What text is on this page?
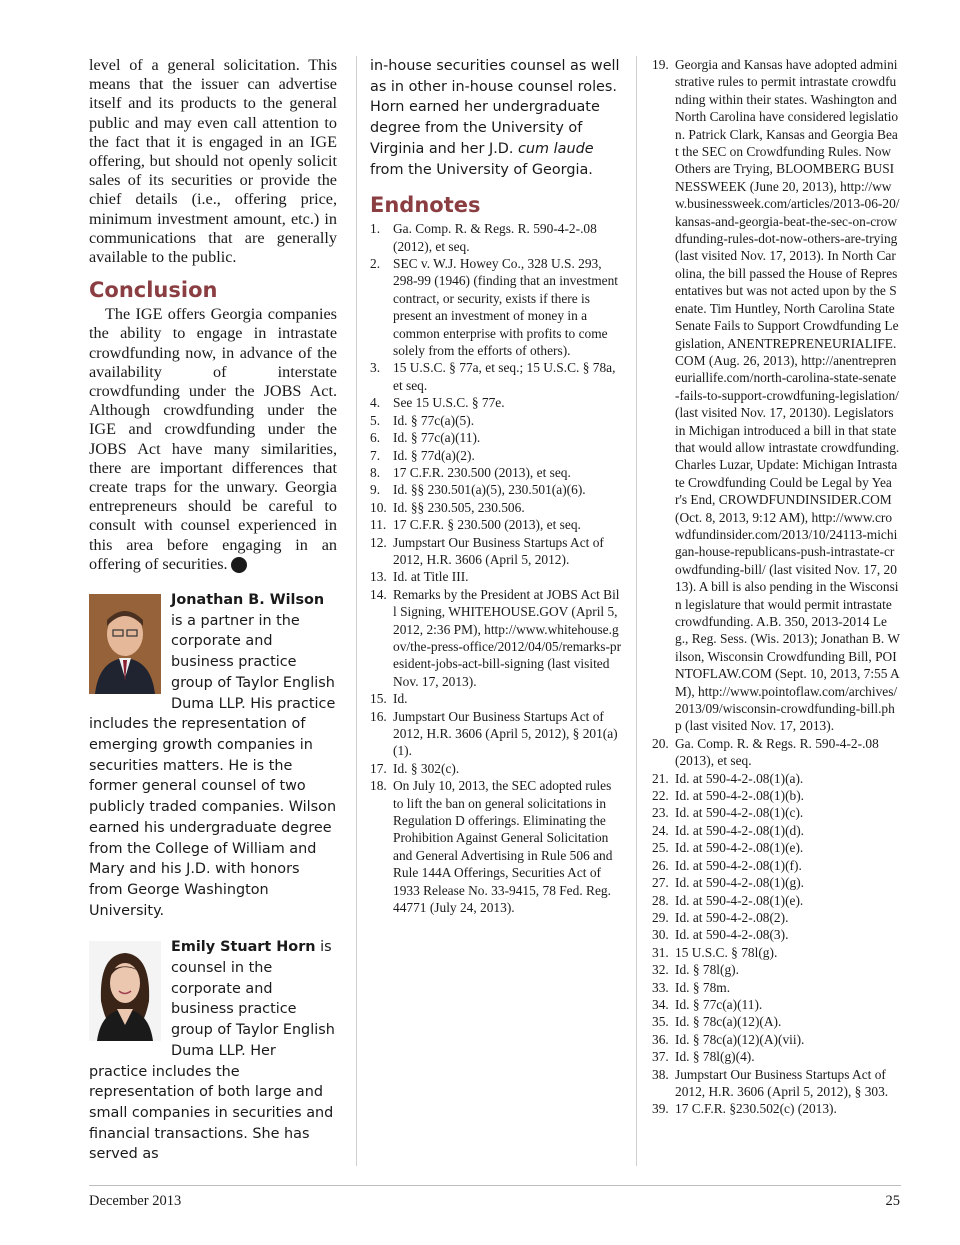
level of a general solicitation. This means that the issuer can advertise itself and its products to the general public and may even call attention to the fact that it is engaged in an IGE offering, but should not openly solicit sales of its securities or provide the chief details (i.e., offering price, minimum investment amount, etc.) in communications that are generally available to the public.

Conclusion

The IGE offers Georgia companies the ability to engage in intrastate crowdfunding now, in advance of the availability of interstate crowdfunding under the JOBS Act. Although crowdfunding under the IGE and crowdfunding under the JOBS Act have many similarities, there are important differences that create traps for the unwary. Georgia entrepreneurs should be careful to consult with counsel experienced in this area before engaging in an offering of securities.	GBJ

Jonathan B. Wilson is a partner in the corporate and business practice group of Taylor English Duma LLP. His practice includes the representation of emerging growth companies in securities matters. He is the former general counsel of two publicly traded companies. Wilson earned his undergraduate degree from the College of William and Mary and his J.D. with honors from George Washington University.
Emily Stuart Horn is counsel in the corporate and business practice group of Taylor English Duma LLP. Her practice includes the representation of both large and small companies in securities and financial transactions. She has served as

in-house securities counsel as well as in other in-house counsel roles. Horn earned her undergraduate degree from the University of Virginia and her J.D. cum laude from the University of Georgia.

Endnotes
1. Ga. Comp. R. & Regs. R. 590-4-2-.08 (2012), et seq.
2. SEC v. W.J. Howey Co., 328 U.S. 293, 298-99 (1946) (finding that an investment contract, or security, exists if there is present an investment of money in a common enterprise with profits to come solely from the efforts of others).
3. 15 U.S.C. § 77a, et seq.; 15 U.S.C. § 78a, et seq.
4. See 15 U.S.C. § 77e.
5. Id. § 77c(a)(5).
6. Id. § 77c(a)(11).
7. Id. § 77d(a)(2).
8. 17 C.F.R. 230.500 (2013), et seq.
9. Id. §§ 230.501(a)(5), 230.501(a)(6).
10. Id. §§ 230.505, 230.506.
11. 17 C.F.R. § 230.500 (2013), et seq.
12. Jumpstart Our Business Startups Act of 2012, H.R. 3606 (April 5, 2012).
13. Id. at Title III.
14. Remarks by the President at JOBS Act Bill Signing, WHITEHOUSE.GOV (April 5, 2012, 2:36 PM), http://www.whitehouse.gov/the-press-office/2012/04/05/remarks-president-jobs-act-bill-signing (last visited Nov. 17, 2013).
15. Id.
16. Jumpstart Our Business Startups Act of 2012, H.R. 3606 (April 5, 2012), § 201(a)(1).
17. Id. § 302(c).
18. On July 10, 2013, the SEC adopted rules to lift the ban on general solicitations in Regulation D offerings. Eliminating the Prohibition Against General Solicitation and General Advertising in Rule 506 and Rule 144A Offerings, Securities Act of 1933 Release No. 33-9415, 78 Fed. Reg. 44771 (July 24, 2013).
19. Georgia and Kansas have adopted administrative rules to permit intrastate crowdfunding within their states. Washington and North Carolina have considered legislation. Patrick Clark, Kansas and Georgia Beat the SEC on Crowdfunding Rules. Now Others are Trying, BLOOMBERG BUSINESSWEEK (June 20, 2013), http://www.businessweek.com/articles/2013-06-20/kansas-and-georgia-beat-the-sec-on-crowdfunding-rules-dot-now-others-are-trying (last visited Nov. 17, 2013). In North Carolina, the bill passed the House of Representatives but was not acted upon by the Senate. Tim Huntley, North Carolina State Senate Fails to Support Crowdfunding Legislation, ANENTREPRENEURIALIFE.COM (Aug. 26, 2013), http://anentrepreneuriallife.com/north-carolina-state-senate-fails-to-support-crowdfuning-legislation/ (last visited Nov. 17, 20130). Legislators in Michigan introduced a bill in that state that would allow intrastate crowdfunding. Charles Luzar, Update: Michigan Intrastate Crowdfunding Could be Legal by Year's End, CROWDFUNDINSIDER.COM (Oct. 8, 2013, 9:12 AM), http://www.crowdfundinsider.com/2013/10/24113-michigan-house-republicans-push-intrastate-crowdfunding-bill/ (last visited Nov. 17, 2013). A bill is also pending in the Wisconsin legislature that would permit intrastate crowdfunding. A.B. 350, 2013-2014 Leg., Reg. Sess. (Wis. 2013); Jonathan B. Wilson, Wisconsin Crowdfunding Bill, POINTOFLAW.COM (Sept. 10, 2013, 7:55 AM), http://www.pointoflaw.com/archives/2013/09/wisconsin-crowdfunding-bill.php (last visited Nov. 17, 2013).
20. Ga. Comp. R. & Regs. R. 590-4-2-.08 (2013), et seq.
21. Id. at 590-4-2-.08(1)(a).
22. Id. at 590-4-2-.08(1)(b).
23. Id. at 590-4-2-.08(1)(c).
24. Id. at 590-4-2-.08(1)(d).
25. Id. at 590-4-2-.08(1)(e).
26. Id. at 590-4-2-.08(1)(f).
27. Id. at 590-4-2-.08(1)(g).
28. Id. at 590-4-2-.08(1)(e).
29. Id. at 590-4-2-.08(2).
30. Id. at 590-4-2-.08(3).
31. 15 U.S.C. § 78l(g).
32. Id. § 78l(g).
33. Id. § 78m.
34. Id. § 77c(a)(11).
35. Id. § 78c(a)(12)(A).
36. Id. § 78c(a)(12)(A)(vii).
37. Id. § 78l(g)(4).
38. Jumpstart Our Business Startups Act of 2012, H.R. 3606 (April 5, 2012), § 303.
39. 17 C.F.R. §230.502(c) (2013).
December 2013	25
